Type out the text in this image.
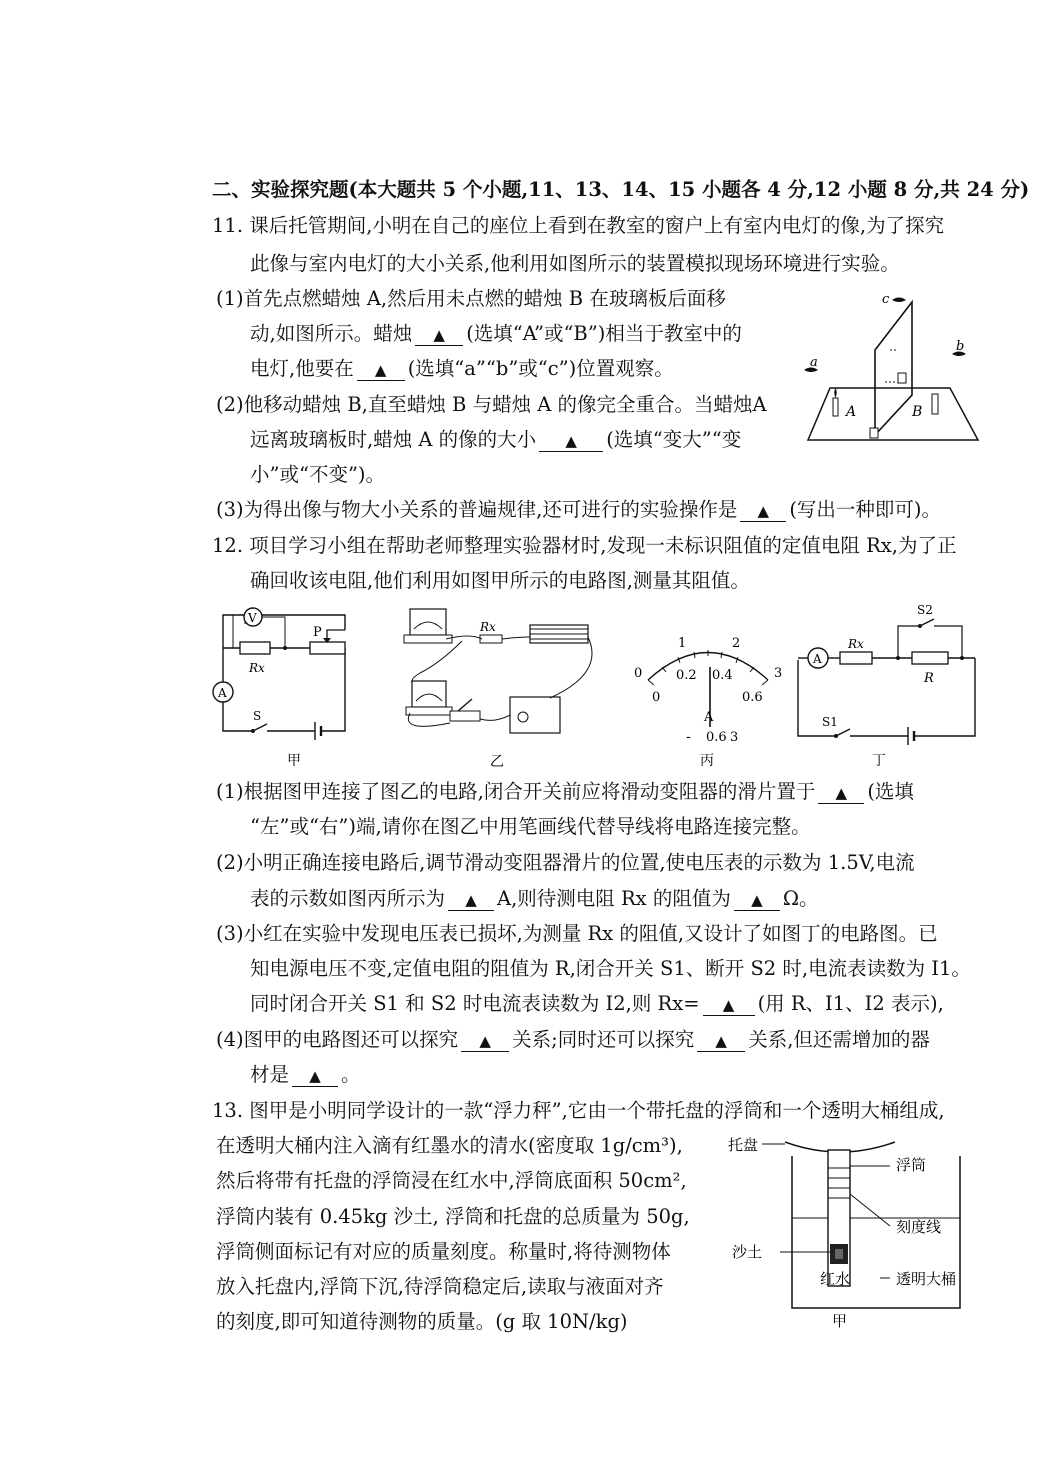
二、实验探究题(本大题共 5 个小题,11、13、14、15 小题各 4 分,12 小题 8 分,共 24 分)
11. 课后托管期间,小明在自己的座位上看到在教室的窗户上有室内电灯的像,为了探究
此像与室内电灯的大小关系,他利用如图所示的装置模拟现场环境进行实验。
(1)首先点燃蜡烛 A,然后用未点燃的蜡烛 B 在玻璃板后面移
动,如图所示。蜡烛 ▲ (选填“A”或“B”)相当于教室中的
电灯,他要在 ▲ (选填“a”“b”或“c”)位置观察。
(2)他移动蜡烛 B,直至蜡烛 B 与蜡烛 A 的像完全重合。当蜡烛A
远离玻璃板时,蜡烛 A 的像的大小 ▲ (选填“变大”“变
小”或“不变”)。
(3)为得出像与物大小关系的普遍规律,还可进行的实验操作是 ▲ (写出一种即可)。
c
a
b
A	B
12. 项目学习小组在帮助老师整理实验器材时,发现一未标识阻值的定值电阻 Rx,为了正
确回收该电阻,他们利用如图甲所示的电路图,测量其阻值。
A
V
P
Rx
S
甲
Rx
乙
0
0
1	2
3
0.2 0.4
0.6
A
- 0.6 3
丙
A
S2
Rx
R
S1
丁
(1)根据图甲连接了图乙的电路,闭合开关前应将滑动变阻器的滑片置于 ▲ (选填
“左”或“右”)端,请你在图乙中用笔画线代替导线将电路连接完整。
(2)小明正确连接电路后,调节滑动变阻器滑片的位置,使电压表的示数为 1.5V,电流
表的示数如图丙所示为 ▲ A,则待测电阻 Rx 的阻值为 ▲ Ω。
(3)小红在实验中发现电压表已损坏,为测量 Rx 的阻值,又设计了如图丁的电路图。已
知电源电压不变,定值电阻的阻值为 R,闭合开关 S1、断开 S2 时,电流表读数为 I1。
同时闭合开关 S1 和 S2 时电流表读数为 I2,则 Rx= ▲ (用 R、I1、I2 表示),
(4)图甲的电路图还可以探究 ▲ 关系;同时还可以探究 ▲ 关系,但还需增加的器
材是 ▲ 。
13. 图甲是小明同学设计的一款“浮力秤”,它由一个带托盘的浮筒和一个透明大桶组成,
在透明大桶内注入滴有红墨水的清水(密度取 1g/cm³),
然后将带有托盘的浮筒浸在红水中,浮筒底面积 50cm²,
浮筒内装有 0.45kg 沙土, 浮筒和托盘的总质量为 50g,
浮筒侧面标记有对应的质量刻度。称量时,将待测物体
放入托盘内,浮筒下沉,待浮筒稳定后,读取与液面对齐
的刻度,即可知道待测物的质量。(g 取 10N/kg)
托盘
浮筒
刻度线
沙土
红水	透明大桶
甲
